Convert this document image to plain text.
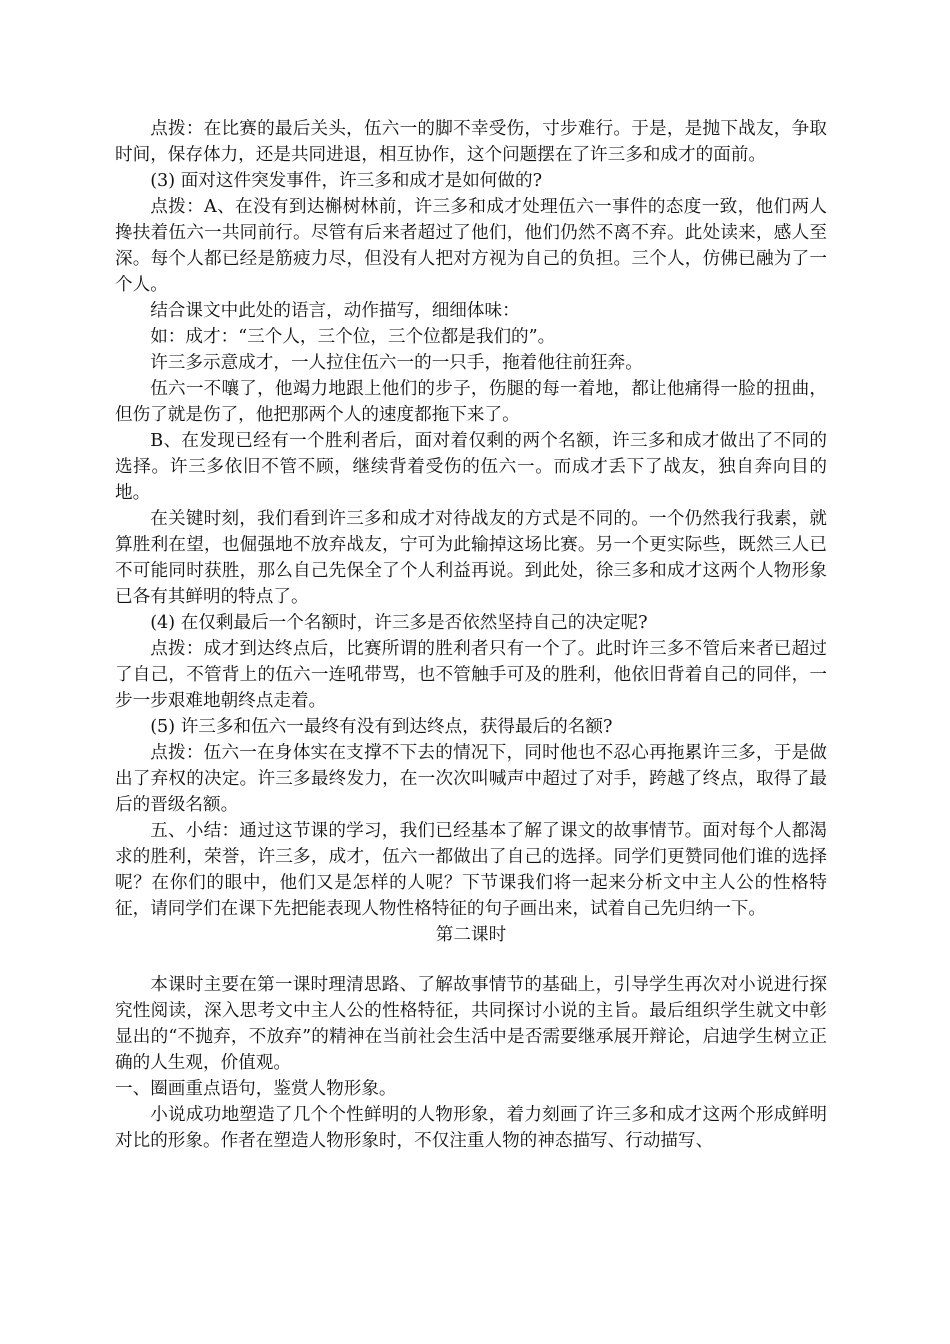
点拨：在比赛的最后关头，伍六一的脚不幸受伤，寸步难行。于是，是抛下战友，争取时间，保存体力，还是共同进退，相互协作，这个问题摆在了许三多和成才的面前。

(3) 面对这件突发事件，许三多和成才是如何做的?

点拨：A、在没有到达槲树林前，许三多和成才处理伍六一事件的态度一致，他们两人搀扶着伍六一共同前行。尽管有后来者超过了他们，他们仍然不离不弃。此处读来，感人至深。每个人都已经是筋疲力尽，但没有人把对方视为自己的负担。三个人，仿佛已融为了一个人。

结合课文中此处的语言，动作描写，细细体味：

如：成才：“三个人，三个位，三个位都是我们的”。

许三多示意成才，一人拉住伍六一的一只手，拖着他往前狂奔。

伍六一不嚷了，他竭力地跟上他们的步子，伤腿的每一着地，都让他痛得一脸的扭曲，但伤了就是伤了，他把那两个人的速度都拖下来了。

B、在发现已经有一个胜利者后，面对着仅剩的两个名额，许三多和成才做出了不同的选择。许三多依旧不管不顾，继续背着受伤的伍六一。而成才丢下了战友，独自奔向目的地。

在关键时刻，我们看到许三多和成才对待战友的方式是不同的。一个仍然我行我素，就算胜利在望，也倔强地不放弃战友，宁可为此输掉这场比赛。另一个更实际些，既然三人已不可能同时获胜，那么自己先保全了个人利益再说。到此处，徐三多和成才这两个人物形象已各有其鲜明的特点了。

(4) 在仅剩最后一个名额时，许三多是否依然坚持自己的决定呢?

点拨：成才到达终点后，比赛所谓的胜利者只有一个了。此时许三多不管后来者已超过了自己，不管背上的伍六一连吼带骂，也不管触手可及的胜利，他依旧背着自己的同伴，一步一步艰难地朝终点走着。

(5) 许三多和伍六一最终有没有到达终点，获得最后的名额?

点拨：伍六一在身体实在支撑不下去的情况下，同时他也不忍心再拖累许三多，于是做出了弃权的决定。许三多最终发力，在一次次叫喊声中超过了对手，跨越了终点，取得了最后的晋级名额。

五、小结：通过这节课的学习，我们已经基本了解了课文的故事情节。面对每个人都渴求的胜利，荣誉，许三多，成才，伍六一都做出了自己的选择。同学们更赞同他们谁的选择呢？在你们的眼中，他们又是怎样的人呢？下节课我们将一起来分析文中主人公的性格特征，请同学们在课下先把能表现人物性格特征的句子画出来，试着自己先归纳一下。

第二课时

本课时主要在第一课时理清思路、了解故事情节的基础上，引导学生再次对小说进行探究性阅读，深入思考文中主人公的性格特征，共同探讨小说的主旨。最后组织学生就文中彰显出的“不抛弃，不放弃”的精神在当前社会生活中是否需要继承展开辩论，启迪学生树立正确的人生观，价值观。

一、圈画重点语句，鉴赏人物形象。

小说成功地塑造了几个个性鲜明的人物形象，着力刻画了许三多和成才这两个形成鲜明对比的形象。作者在塑造人物形象时，不仅注重人物的神态描写、行动描写、
